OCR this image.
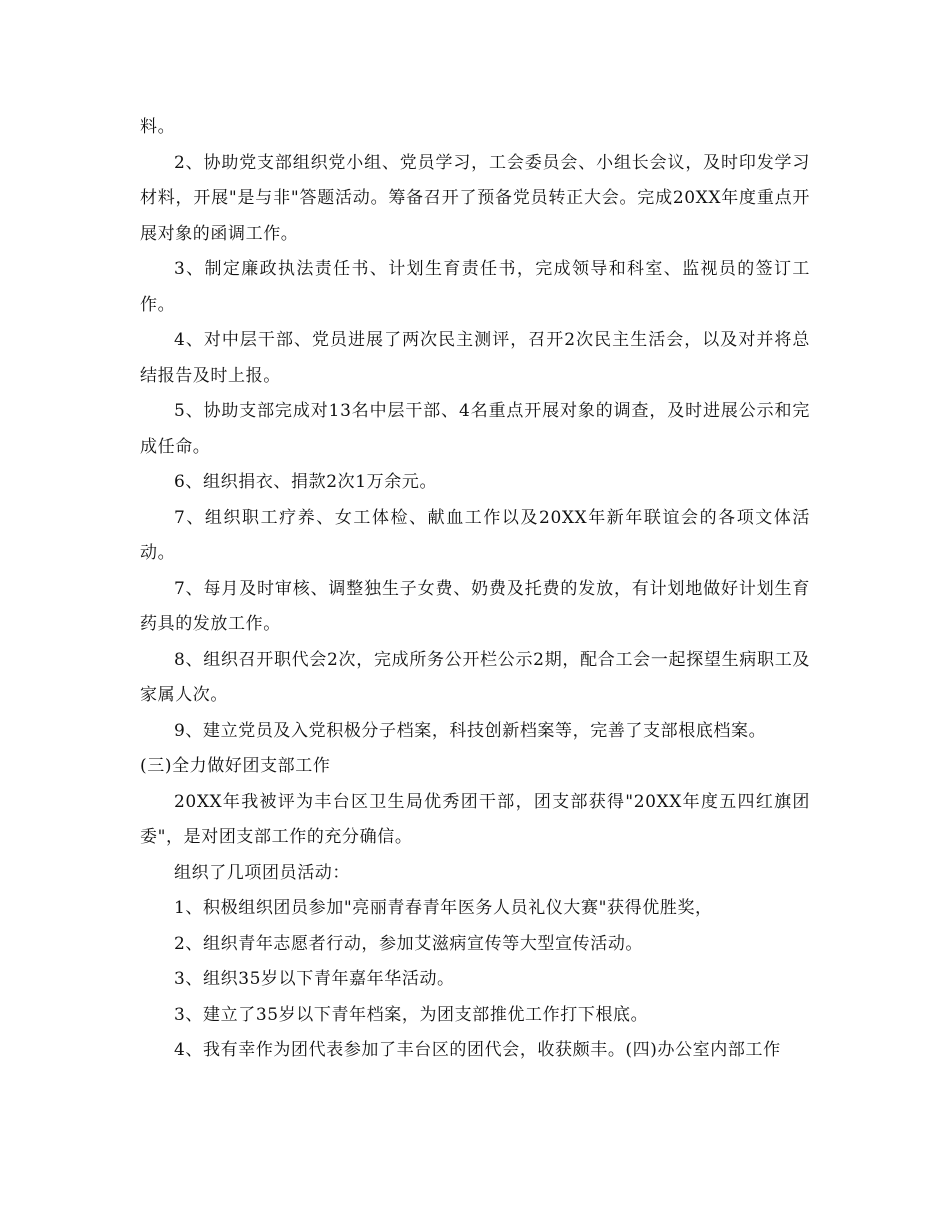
料。

2、协助党支部组织党小组、党员学习，工会委员会、小组长会议，及时印发学习材料，开展"是与非"答题活动。筹备召开了预备党员转正大会。完成20XX年度重点开展对象的函调工作。

3、制定廉政执法责任书、计划生育责任书，完成领导和科室、监视员的签订工作。

4、对中层干部、党员进展了两次民主测评，召开2次民主生活会，以及对并将总结报告及时上报。

5、协助支部完成对13名中层干部、4名重点开展对象的调查，及时进展公示和完成任命。

6、组织捐衣、捐款2次1万余元。

7、组织职工疗养、女工体检、献血工作以及20XX年新年联谊会的各项文体活动。

7、每月及时审核、调整独生子女费、奶费及托费的发放，有计划地做好计划生育药具的发放工作。

8、组织召开职代会2次，完成所务公开栏公示2期，配合工会一起探望生病职工及家属人次。

9、建立党员及入党积极分子档案，科技创新档案等，完善了支部根底档案。

(三)全力做好团支部工作

20XX年我被评为丰台区卫生局优秀团干部，团支部获得"20XX年度五四红旗团委"，是对团支部工作的充分确信。

组织了几项团员活动：

1、积极组织团员参加"亮丽青春青年医务人员礼仪大赛"获得优胜奖，

2、组织青年志愿者行动，参加艾滋病宣传等大型宣传活动。

3、组织35岁以下青年嘉年华活动。

3、建立了35岁以下青年档案，为团支部推优工作打下根底。

4、我有幸作为团代表参加了丰台区的团代会，收获颇丰。(四)办公室内部工作
